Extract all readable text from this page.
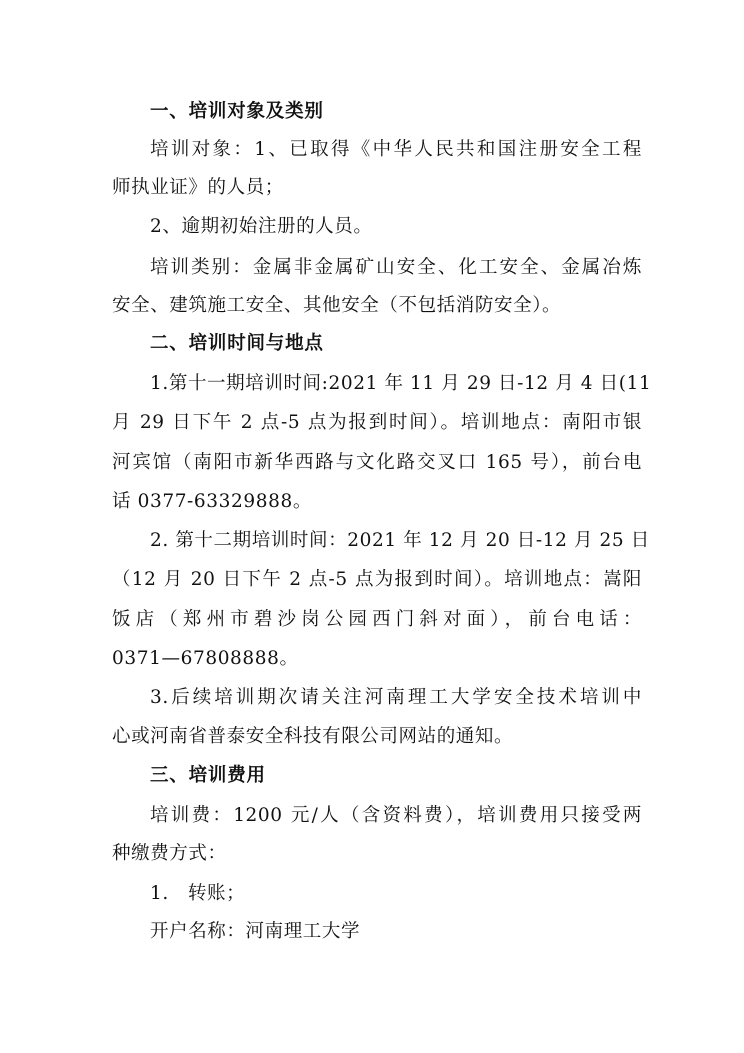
一、培训对象及类别
培训对象：1、已取得《中华人民共和国注册安全工程
师执业证》的人员；
2、逾期初始注册的人员。
培训类别：金属非金属矿山安全、化工安全、金属冶炼
安全、建筑施工安全、其他安全（不包括消防安全）。
二、培训时间与地点
1.第十一期培训时间:2021 年 11 月 29 日-12 月 4 日(11
月 29 日下午 2 点-5 点为报到时间）。培训地点：南阳市银
河宾馆（南阳市新华西路与文化路交叉口 165 号），前台电
话 0377-63329888。
2. 第十二期培训时间：2021 年 12 月 20 日-12 月 25 日
（12 月 20 日下午 2 点-5 点为报到时间）。培训地点：嵩阳
饭店（郑州市碧沙岗公园西门斜对面），前台电话：
0371—67808888。
3.后续培训期次请关注河南理工大学安全技术培训中
心或河南省普泰安全科技有限公司网站的通知。
三、培训费用
培训费：1200 元/人（含资料费），培训费用只接受两
种缴费方式：
1.　转账；
开户名称：河南理工大学
